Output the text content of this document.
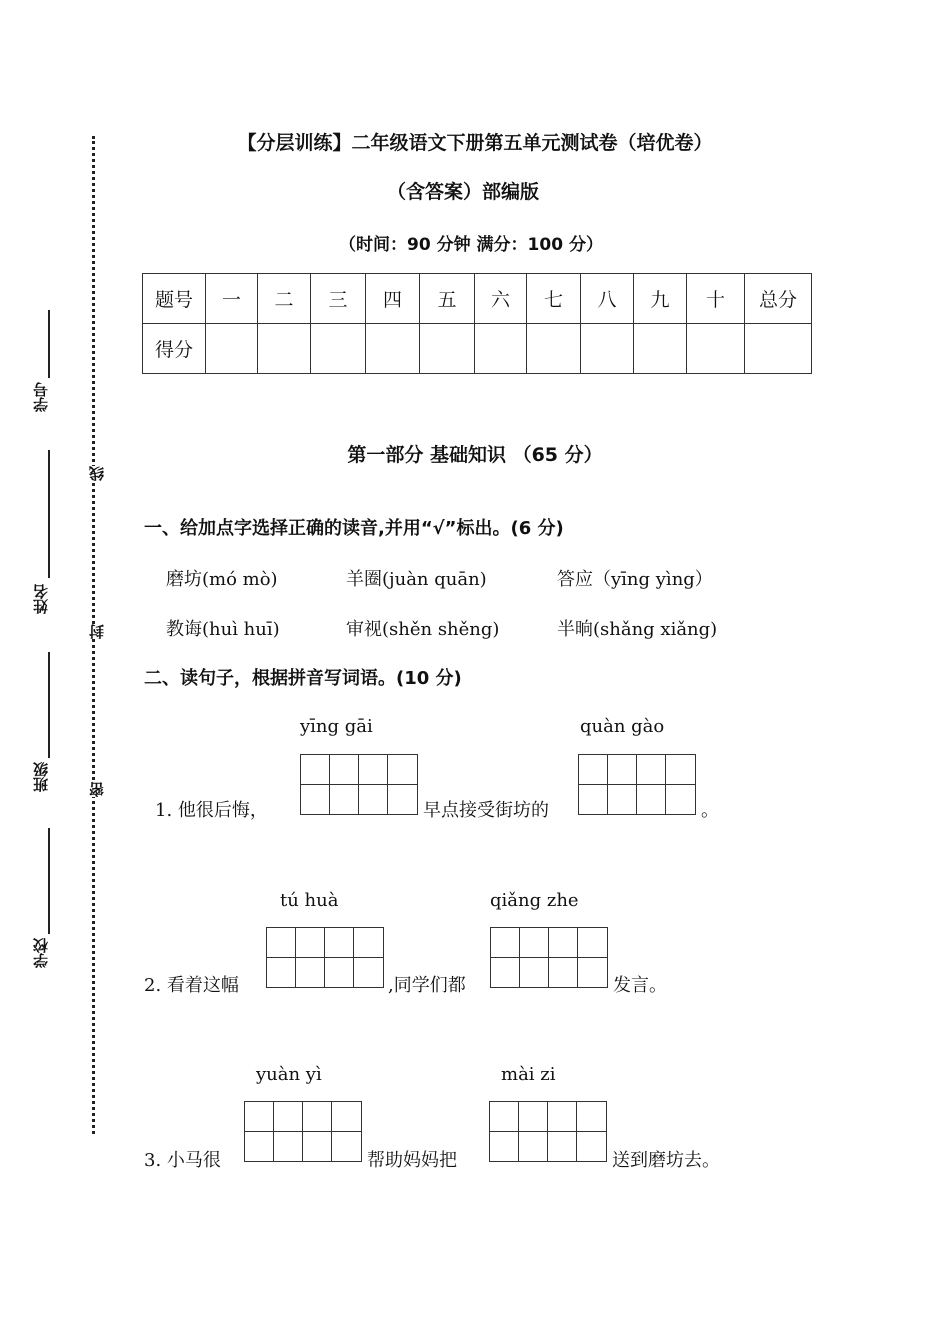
学号
姓名
班级
学校
线
封
密
【分层训练】二年级语文下册第五单元测试卷（培优卷）
（含答案）部编版
（时间：90 分钟 满分：100 分）
题号	一	二	三	四	五	六	七	八	九	十	总分
得分											
第一部分 基础知识 （65 分）
一、给加点字选择正确的读音,并用“√”标出。(6 分)
磨坊(mó mò)	羊圈(juàn quān)	答应（yīng yìng）
教诲(huì huī)	审视(shěn shěng)	半晌(shǎng xiǎng)
二、读句子，根据拼音写词语。(10 分)
yīng gāi	quàn gào
1. 他很后悔，	早点接受街坊的	。
tú huà	qiǎng zhe
2. 看着这幅	,同学们都	发言。
yuàn yì	mài zi
3. 小马很	帮助妈妈把	送到磨坊去。
